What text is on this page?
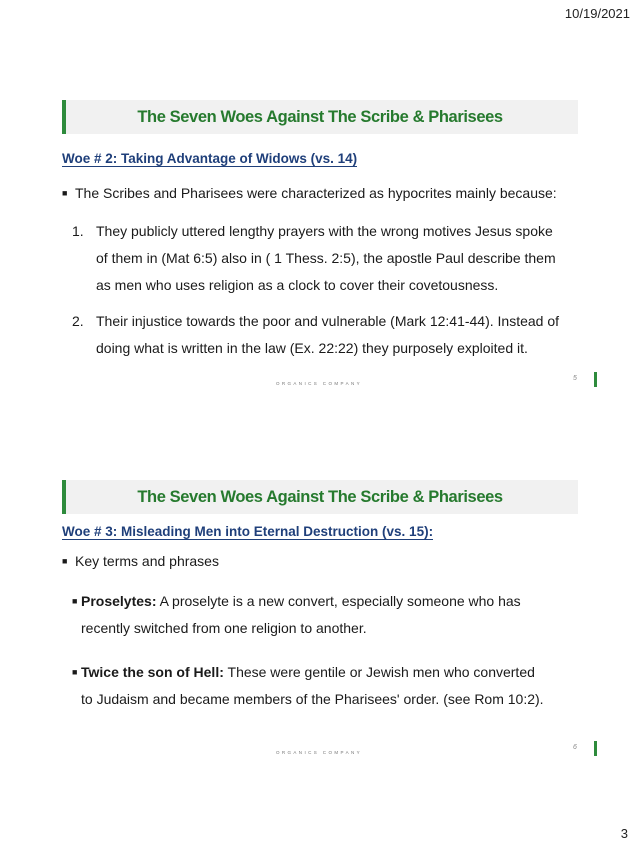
10/19/2021
The Seven Woes Against The Scribe & Pharisees
Woe # 2: Taking Advantage of Widows (vs. 14)
■ The Scribes and Pharisees were characterized as hypocrites mainly because:
1. They publicly uttered lengthy prayers with the wrong motives Jesus spoke
of them in (Mat 6:5) also in ( 1 Thess. 2:5), the apostle Paul describe them
as men who uses religion as a clock to cover their covetousness.
2. Their injustice towards the poor and vulnerable (Mark 12:41-44). Instead of
doing what is written in the law (Ex. 22:22) they purposely exploited it.
ORGANICS COMPANY
5
The Seven Woes Against The Scribe & Pharisees
Woe # 3: Misleading Men into Eternal Destruction (vs. 15):
■ Key terms and phrases
■ Proselytes: A proselyte is a new convert, especially someone who has
recently switched from one religion to another.
■ Twice the son of Hell: These were gentile or Jewish men who converted
to Judaism and became members of the Pharisees' order. (see Rom 10:2).
ORGANICS COMPANY
6
3
